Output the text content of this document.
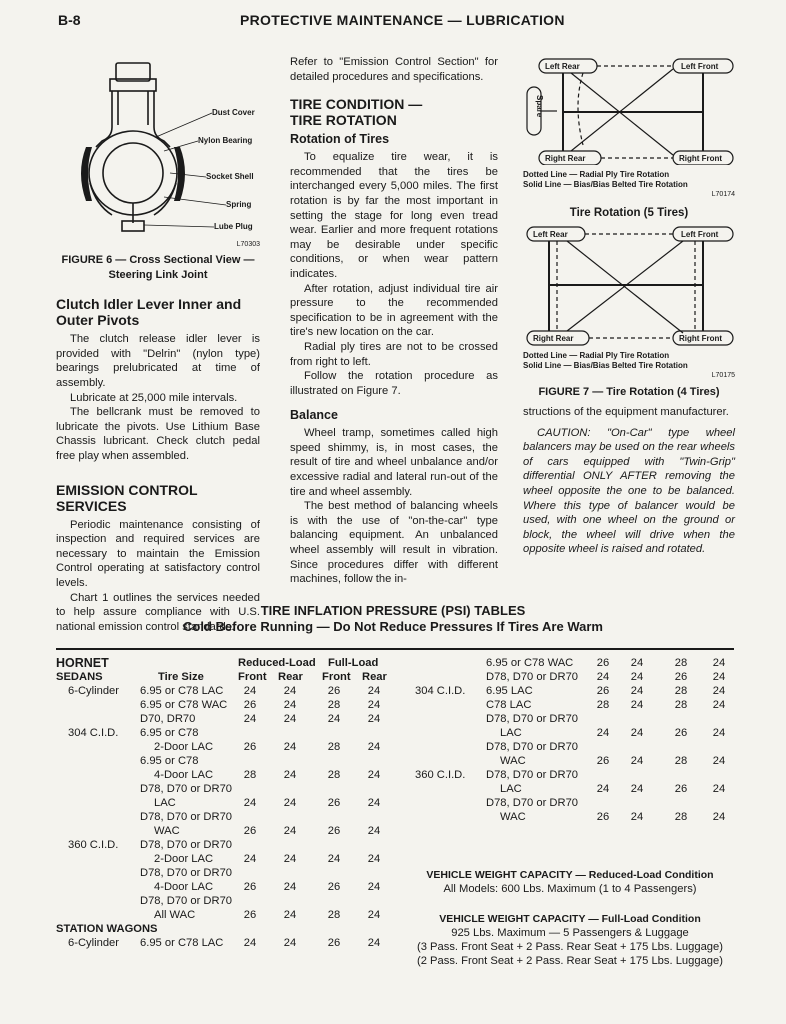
B-8	PROTECTIVE MAINTENANCE — LUBRICATION
Dust Cover
Nylon Bearing
Socket Shell
Spring
Lube Plug
L70303
FIGURE 6 — Cross Sectional View —
Steering Link Joint
Clutch Idler Lever Inner and
Outer Pivots

The clutch release idler lever is provided with "Delrin" (nylon type) bearings prelubricated at time of assembly.

Lubricate at 25,000 mile intervals.

The bellcrank must be removed to lubricate the pivots. Use Lithium Base Chassis lubricant. Check clutch pedal free play when assembled.

EMISSION CONTROL SERVICES

Periodic maintenance consisting of inspection and required services are necessary to maintain the Emission Control operating at satisfactory control levels.

Chart 1 outlines the services needed to help assure compliance with U.S. national emission control standards.

Refer to "Emission Control Section" for detailed procedures and specifications.

TIRE CONDITION —
TIRE ROTATION
Rotation of Tires

To equalize tire wear, it is recommended that the tires be interchanged every 5,000 miles. The first rotation is by far the most important in setting the stage for long even tread wear. Earlier and more frequent rotations may be desirable under specific conditions, or when wear pattern indicates.

After rotation, adjust individual tire air pressure to the recommended specification to be in agreement with the tire's new location on the car.

Radial ply tires are not to be crossed from right to left.

Follow the rotation procedure as illustrated on Figure 7.

Balance

Wheel tramp, sometimes called high speed shimmy, is, in most cases, the result of tire and wheel unbalance and/or excessive radial and lateral run-out of the tire and wheel assembly.

The best method of balancing wheels is with the use of "on-the-car" type balancing equipment. An unbalanced wheel assembly will result in vibration. Since procedures differ with different machines, follow the in-

Left Rear	Left Front
Right Rear	Right Front
Spare
Dotted Line — Radial Ply Tire Rotation
Solid Line — Bias/Bias Belted Tire Rotation
L70174
Tire Rotation (5 Tires)
Left Rear	Left Front
Right Rear	Right Front
Dotted Line — Radial Ply Tire Rotation
Solid Line — Bias/Bias Belted Tire Rotation
L70175
FIGURE 7 — Tire Rotation (4 Tires)

structions of the equipment manufacturer.

CAUTION: "On-Car" type wheel balancers may be used on the rear wheels of cars equipped with "Twin-Grip" differential ONLY AFTER removing the wheel opposite the one to be balanced. Where this type of balancer would be used, with one wheel on the ground or block, the wheel will drive when the opposite wheel is raised and rotated.

TIRE INFLATION PRESSURE (PSI) TABLES
Cold Before Running — Do Not Reduce Pressures If Tires Are Warm
HORNET	Reduced-Load Full-Load
SEDANS	Tire Size	Front Rear Front Rear
6-Cylinder 6.95 or C78 LAC	24	24	26	24
6.95 or C78 WAC	26	24	28	24
D70, DR70	24	24	24	24
304 C.I.D. 6.95 or C78
2-Door LAC	26	24	28	24
6.95 or C78
4-Door LAC	28	24	28	24
D78, D70 or DR70
LAC	24	24	26	24
D78, D70 or DR70
WAC	26	24	26	24
360 C.I.D. D78, D70 or DR70
2-Door LAC	24	24	24	24
D78, D70 or DR70
4-Door LAC	26	24	26	24
D78, D70 or DR70
All WAC	26	24	28	24
STATION WAGONS
6-Cylinder 6.95 or C78 LAC	24	24	26	24
6.95 or C78 WAC	26	24	28	24
D78, D70 or DR70	24	24	26	24
304 C.I.D. 6.95 LAC	26	24	28	24
C78 LAC	28	24	28	24
D78, D70 or DR70
LAC	24	24	26	24
D78, D70 or DR70
WAC	26	24	28	24
360 C.I.D. D78, D70 or DR70
LAC	24	24	26	24
D78, D70 or DR70
WAC	26	24	28	24
VEHICLE WEIGHT CAPACITY — Reduced-Load Condition
All Models: 600 Lbs. Maximum (1 to 4 Passengers)
VEHICLE WEIGHT CAPACITY — Full-Load Condition
925 Lbs. Maximum — 5 Passengers & Luggage
(3 Pass. Front Seat + 2 Pass. Rear Seat + 175 Lbs. Luggage)
(2 Pass. Front Seat + 2 Pass. Rear Seat + 175 Lbs. Luggage)
